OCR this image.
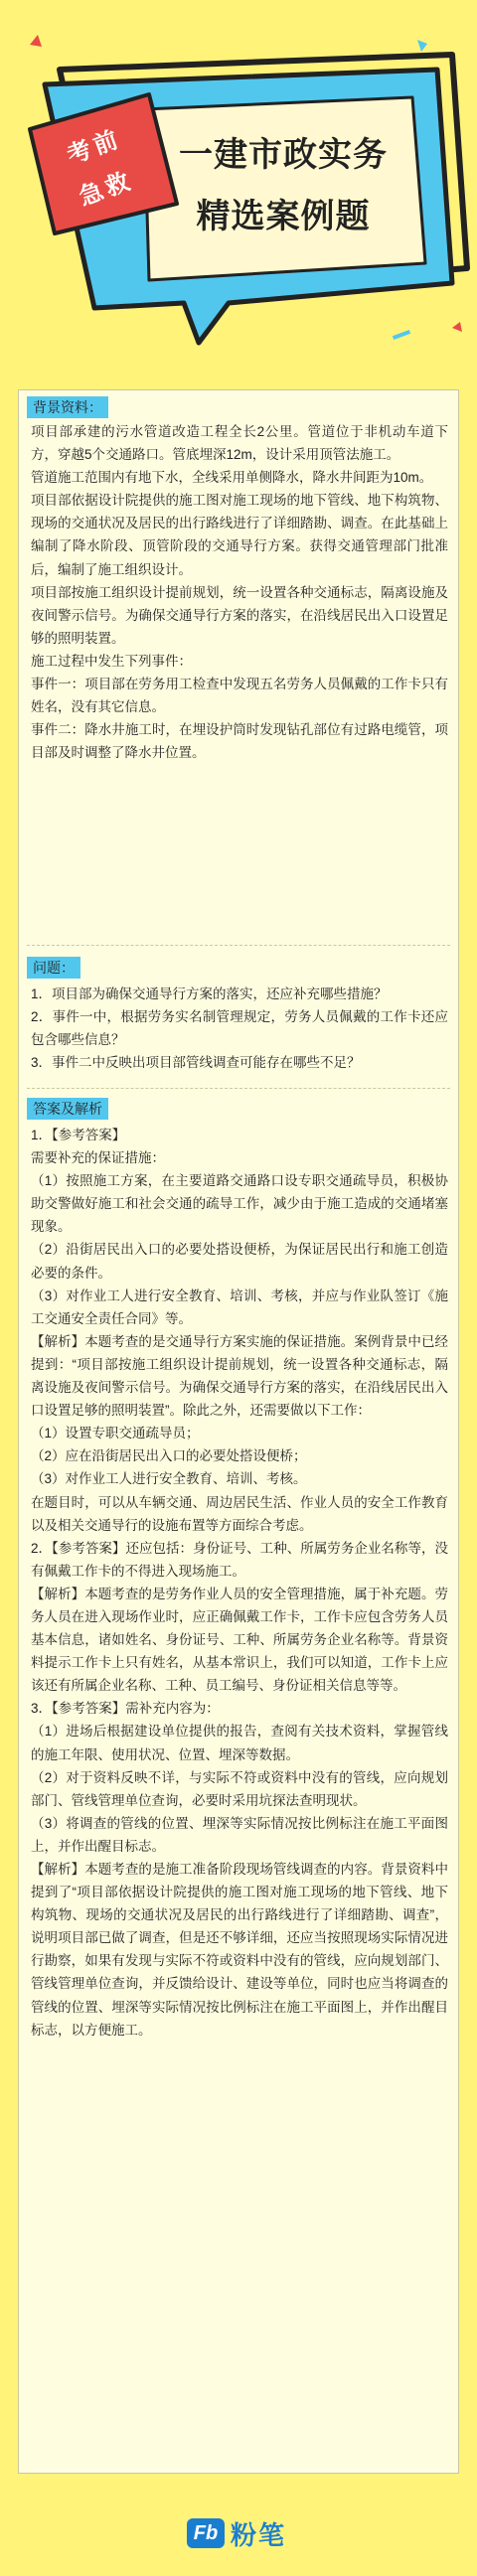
考前
急救
一建市政实务
精选案例题
背景资料：

项目部承建的污水管道改造工程全长2公里。管道位于非机动车道下方，穿越5个交通路口。管底埋深12m，设计采用顶管法施工。

管道施工范围内有地下水，全线采用单侧降水，降水井间距为10m。

项目部依据设计院提供的施工图对施工现场的地下管线、地下构筑物、现场的交通状况及居民的出行路线进行了详细踏勘、调查。在此基础上编制了降水阶段、顶管阶段的交通导行方案。获得交通管理部门批准后，编制了施工组织设计。

项目部按施工组织设计提前规划，统一设置各种交通标志，隔离设施及夜间警示信号。为确保交通导行方案的落实，在沿线居民出入口设置足够的照明装置。

施工过程中发生下列事件：

事件一：项目部在劳务用工检查中发现五名劳务人员佩戴的工作卡只有姓名，没有其它信息。

事件二：降水井施工时，在埋设护筒时发现钻孔部位有过路电缆管，项目部及时调整了降水井位置。

问题：

1．项目部为确保交通导行方案的落实，还应补充哪些措施？

2．事件一中，根据劳务实名制管理规定，劳务人员佩戴的工作卡还应包含哪些信息？

3．事件二中反映出项目部管线调查可能存在哪些不足？

答案及解析

1．【参考答案】

需要补充的保证措施：

（1）按照施工方案，在主要道路交通路口设专职交通疏导员，积极协助交警做好施工和社会交通的疏导工作，减少由于施工造成的交通堵塞现象。

（2）沿街居民出入口的必要处搭设便桥，为保证居民出行和施工创造必要的条件。

（3）对作业工人进行安全教育、培训、考核，并应与作业队签订《施工交通安全责任合同》等。

【解析】本题考查的是交通导行方案实施的保证措施。案例背景中已经提到：“项目部按施工组织设计提前规划，统一设置各种交通标志，隔离设施及夜间警示信号。为确保交通导行方案的落实，在沿线居民出入口设置足够的照明装置”。除此之外，还需要做以下工作：

（1）设置专职交通疏导员；

（2）应在沿街居民出入口的必要处搭设便桥；

（3）对作业工人进行安全教育、培训、考核。

在题目时，可以从车辆交通、周边居民生活、作业人员的安全工作教育以及相关交通导行的设施布置等方面综合考虑。

2．【参考答案】还应包括：身份证号、工种、所属劳务企业名称等，没有佩戴工作卡的不得进入现场施工。

【解析】本题考查的是劳务作业人员的安全管理措施，属于补充题。劳务人员在进入现场作业时，应正确佩戴工作卡，工作卡应包含劳务人员基本信息，诸如姓名、身份证号、工种、所属劳务企业名称等。背景资料提示工作卡上只有姓名，从基本常识上，我们可以知道，工作卡上应该还有所属企业名称、工种、员工编号、身份证相关信息等等。

3．【参考答案】需补充内容为：

（1）进场后根据建设单位提供的报告，查阅有关技术资料，掌握管线的施工年限、使用状况、位置、埋深等数据。

（2）对于资料反映不详，与实际不符或资料中没有的管线，应向规划部门、管线管理单位查询，必要时采用坑探法查明现状。

（3）将调查的管线的位置、埋深等实际情况按比例标注在施工平面图上，并作出醒目标志。

【解析】本题考查的是施工准备阶段现场管线调查的内容。背景资料中提到了“项目部依据设计院提供的施工图对施工现场的地下管线、地下构筑物、现场的交通状况及居民的出行路线进行了详细踏勘、调查”，说明项目部已做了调查，但是还不够详细，还应当按照现场实际情况进行勘察，如果有发现与实际不符或资料中没有的管线，应向规划部门、管线管理单位查询，并反馈给设计、建设等单位，同时也应当将调查的管线的位置、埋深等实际情况按比例标注在施工平面图上，并作出醒目标志，以方便施工。

Fb 粉笔
